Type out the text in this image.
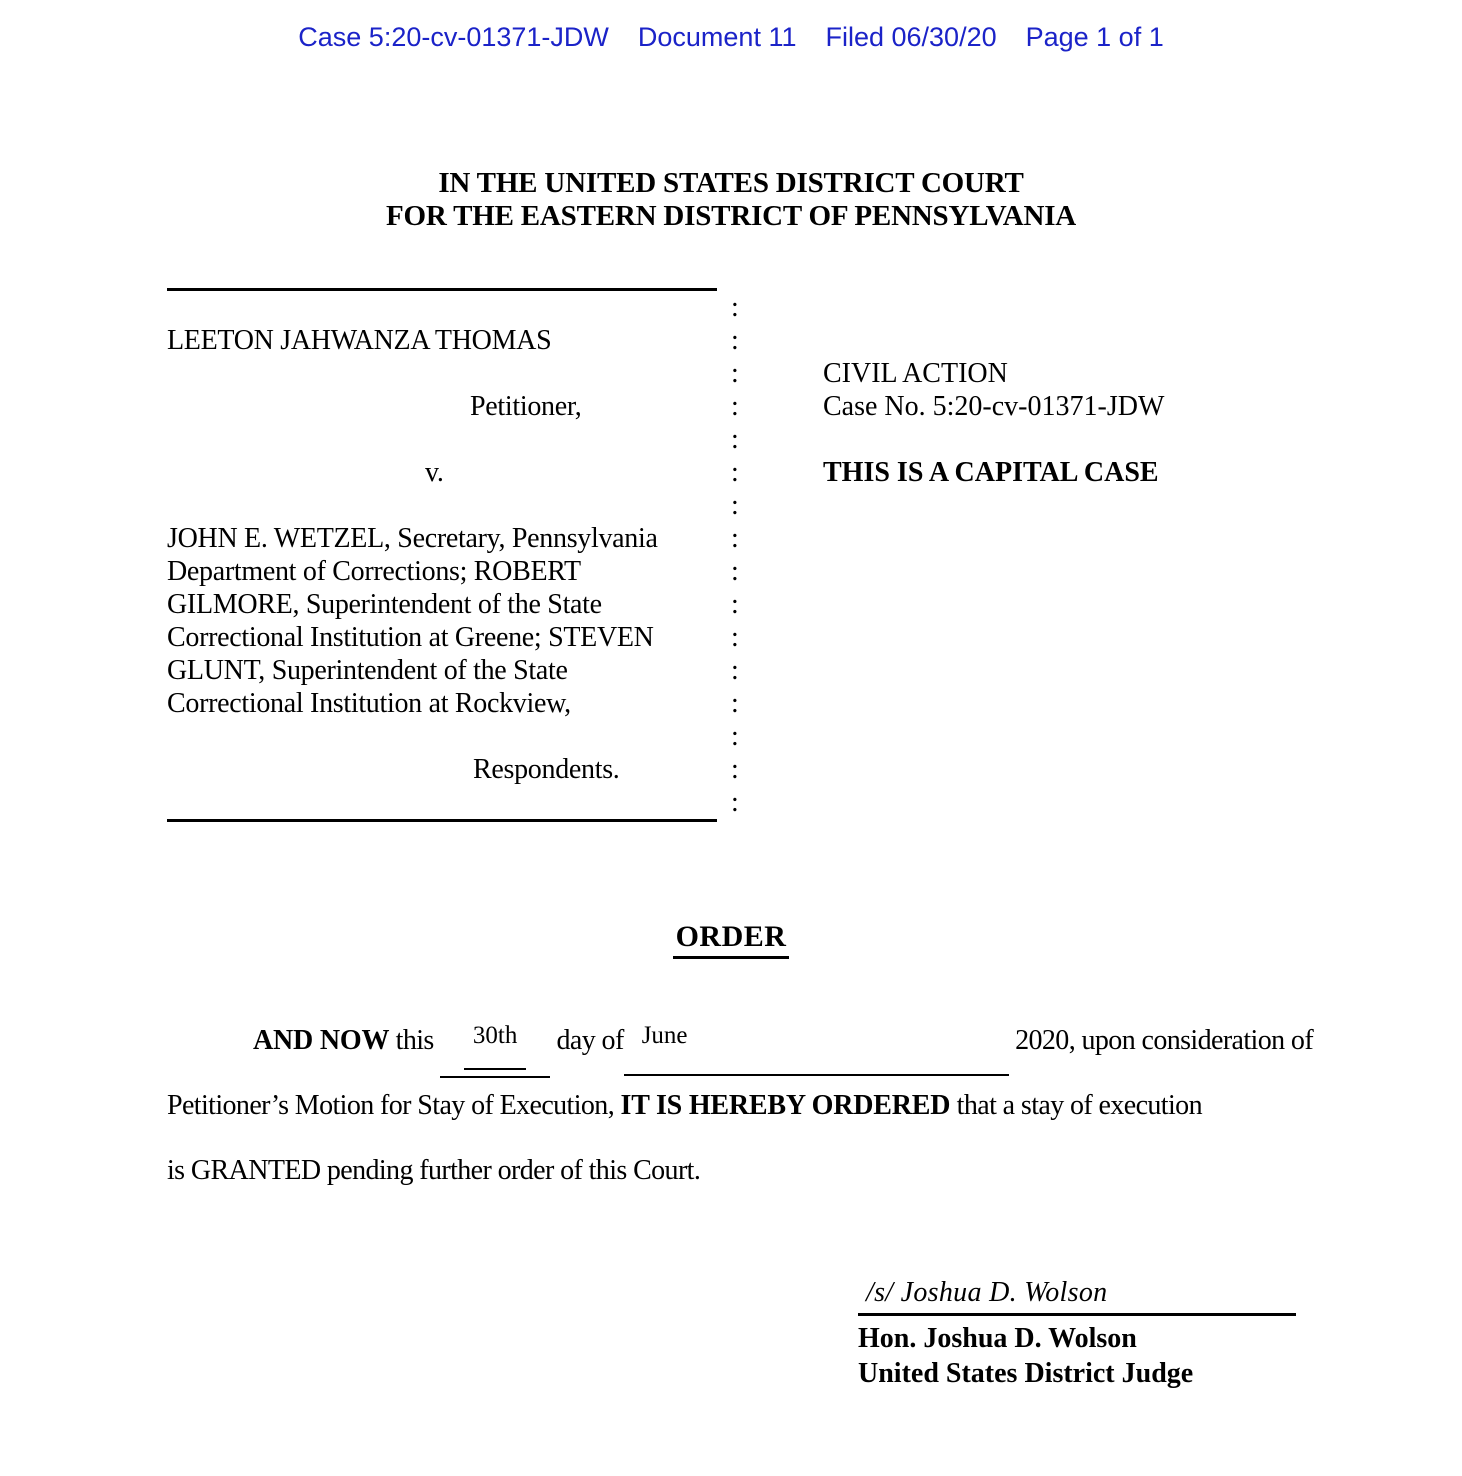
Case 5:20-cv-01371-JDW Document 11 Filed 06/30/20 Page 1 of 1
IN THE UNITED STATES DISTRICT COURT
FOR THE EASTERN DISTRICT OF PENNSYLVANIA
:
LEETON JAHWANZA THOMAS	:
:	CIVIL ACTION
Petitioner,	:	Case No. 5:20-cv-01371-JDW
:
v.	:	THIS IS A CAPITAL CASE
:
JOHN E. WETZEL, Secretary, Pennsylvania	:
Department of Corrections; ROBERT	:
GILMORE, Superintendent of the State	:
Correctional Institution at Greene; STEVEN	:
GLUNT, Superintendent of the State	:
Correctional Institution at Rockview,	:
:
Respondents.	:
:
ORDER
AND NOW this 30th day of June	2020, upon consideration of
Petitioner’s Motion for Stay of Execution, IT IS HEREBY ORDERED that a stay of execution
is GRANTED pending further order of this Court.
/s/ Joshua D. Wolson
Hon. Joshua D. Wolson
United States District Judge
